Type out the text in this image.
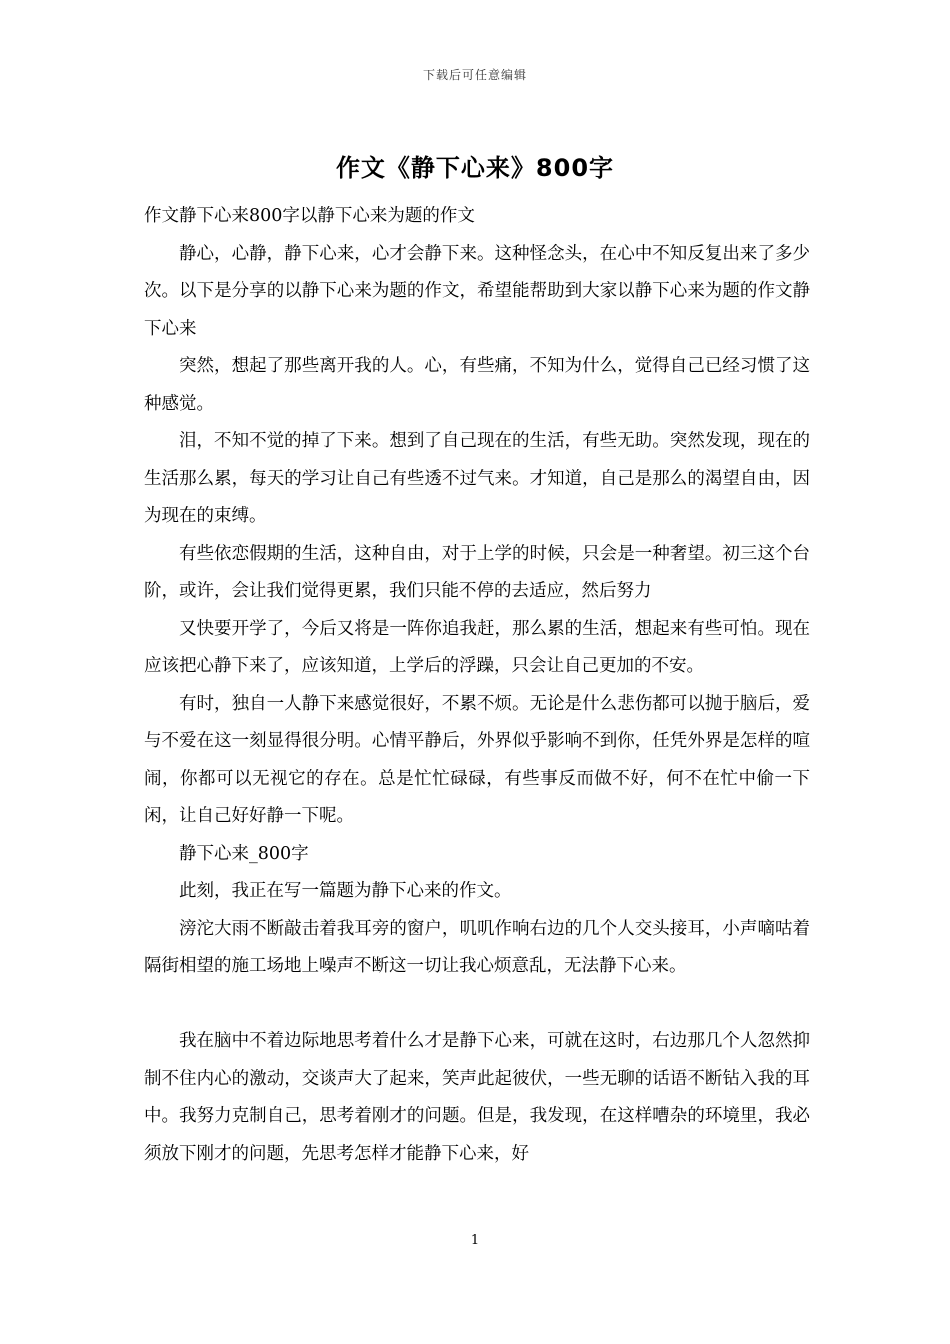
下载后可任意编辑
作文《静下心来》800字

作文静下心来800字以静下心来为题的作文

静心，心静，静下心来，心才会静下来。这种怪念头，在心中不知反复出来了多少次。以下是分享的以静下心来为题的作文，希望能帮助到大家以静下心来为题的作文静下心来

突然，想起了那些离开我的人。心，有些痛，不知为什么，觉得自己已经习惯了这种感觉。

泪，不知不觉的掉了下来。想到了自己现在的生活，有些无助。突然发现，现在的生活那么累，每天的学习让自己有些透不过气来。才知道，自己是那么的渴望自由，因为现在的束缚。

有些依恋假期的生活，这种自由，对于上学的时候，只会是一种奢望。初三这个台阶，或许，会让我们觉得更累，我们只能不停的去适应，然后努力

又快要开学了，今后又将是一阵你追我赶，那么累的生活，想起来有些可怕。现在应该把心静下来了，应该知道，上学后的浮躁，只会让自己更加的不安。

有时，独自一人静下来感觉很好，不累不烦。无论是什么悲伤都可以抛于脑后，爱与不爱在这一刻显得很分明。心情平静后，外界似乎影响不到你，任凭外界是怎样的喧闹，你都可以无视它的存在。总是忙忙碌碌，有些事反而做不好，何不在忙中偷一下闲，让自己好好静一下呢。

静下心来_800字

此刻，我正在写一篇题为静下心来的作文。

滂沱大雨不断敲击着我耳旁的窗户，叽叽作响右边的几个人交头接耳，小声嘀咕着隔街相望的施工场地上噪声不断这一切让我心烦意乱，无法静下心来。

我在脑中不着边际地思考着什么才是静下心来，可就在这时，右边那几个人忽然抑制不住内心的激动，交谈声大了起来，笑声此起彼伏，一些无聊的话语不断钻入我的耳中。我努力克制自己，思考着刚才的问题。但是，我发现，在这样嘈杂的环境里，我必须放下刚才的问题，先思考怎样才能静下心来，好

1
